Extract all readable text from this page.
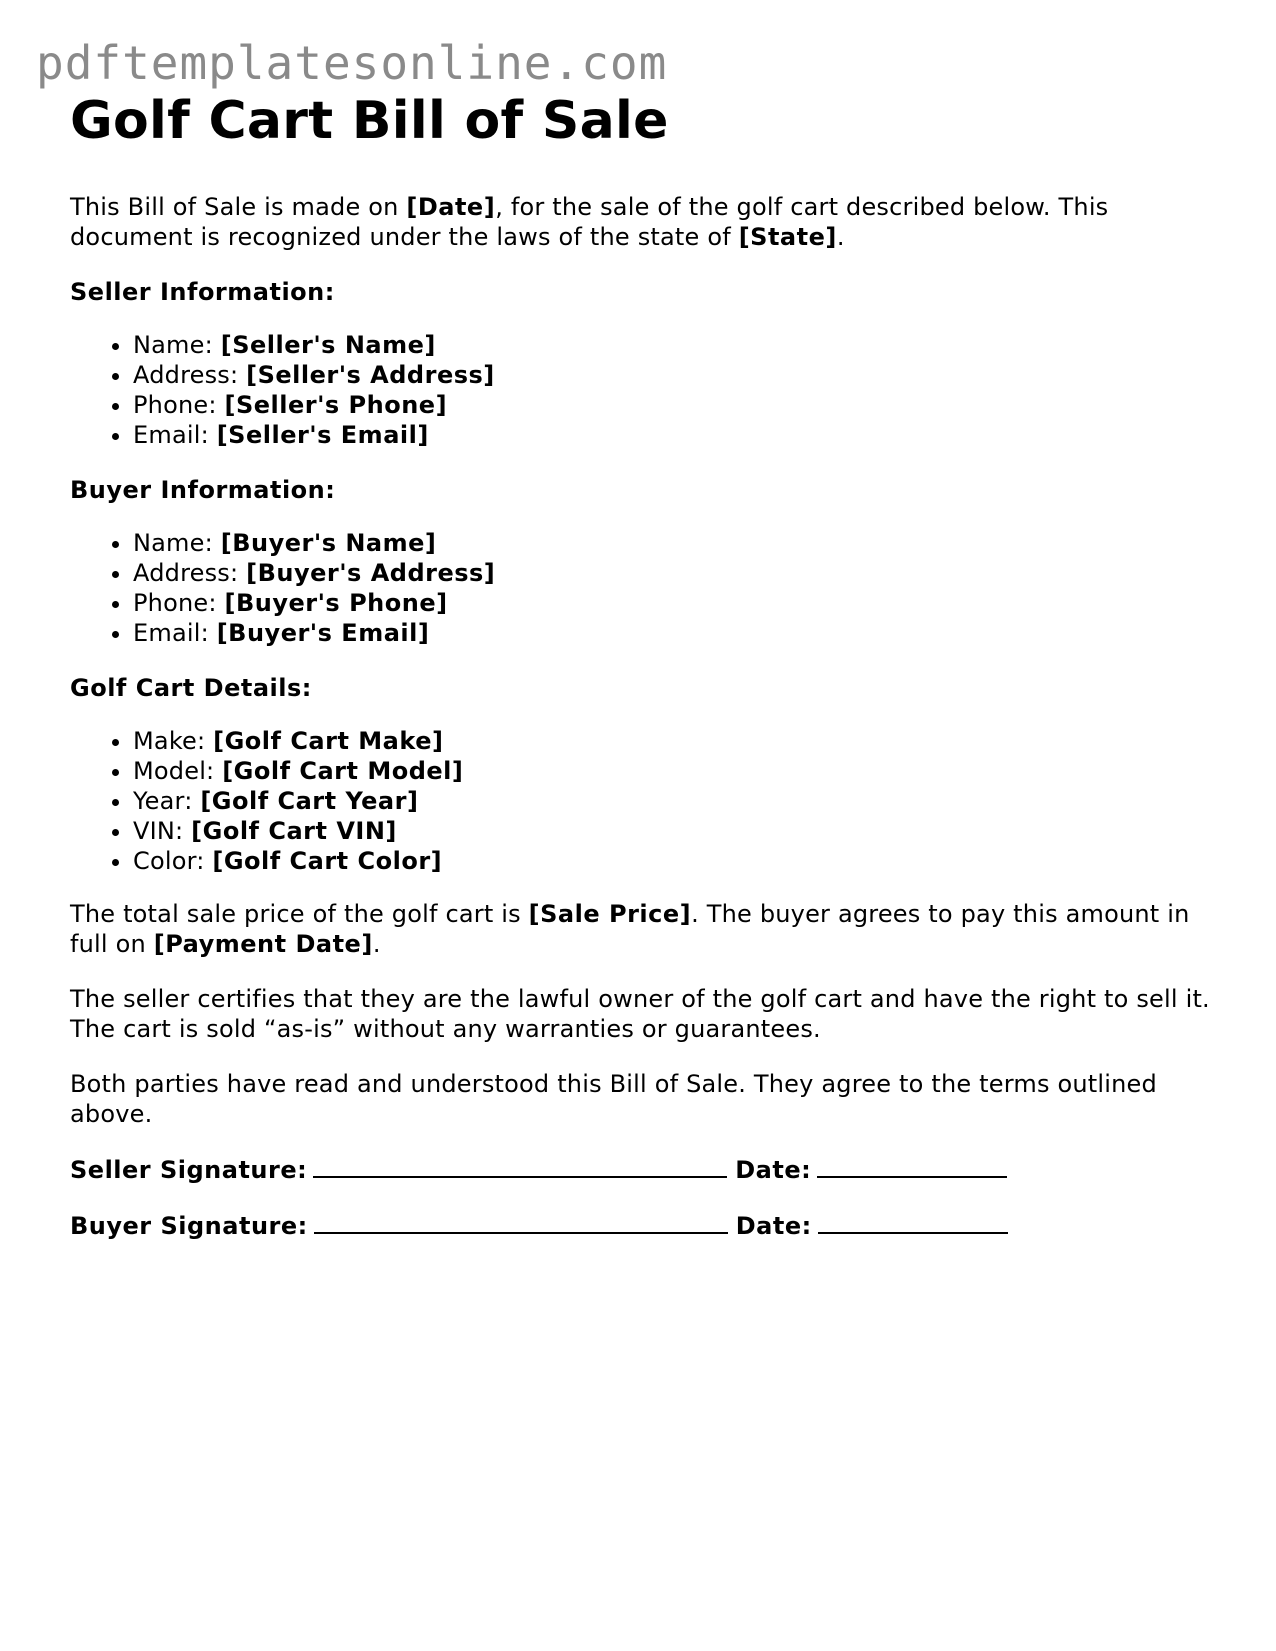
pdftemplatesonline.com
Golf Cart Bill of Sale

This Bill of Sale is made on [Date], for the sale of the golf cart described below. This document is recognized under the laws of the state of [State].

Seller Information:

• Name: [Seller's Name]
• Address: [Seller's Address]
• Phone: [Seller's Phone]
• Email: [Seller's Email]

Buyer Information:

• Name: [Buyer's Name]
• Address: [Buyer's Address]
• Phone: [Buyer's Phone]
• Email: [Buyer's Email]

Golf Cart Details:

• Make: [Golf Cart Make]
• Model: [Golf Cart Model]
• Year: [Golf Cart Year]
• VIN: [Golf Cart VIN]
• Color: [Golf Cart Color]

The total sale price of the golf cart is [Sale Price]. The buyer agrees to pay this amount in full on [Payment Date].

The seller certifies that they are the lawful owner of the golf cart and have the right to sell it. The cart is sold “as-is” without any warranties or guarantees.

Both parties have read and understood this Bill of Sale. They agree to the terms outlined above.

Seller Signature:	Date:

Buyer Signature:	Date:
